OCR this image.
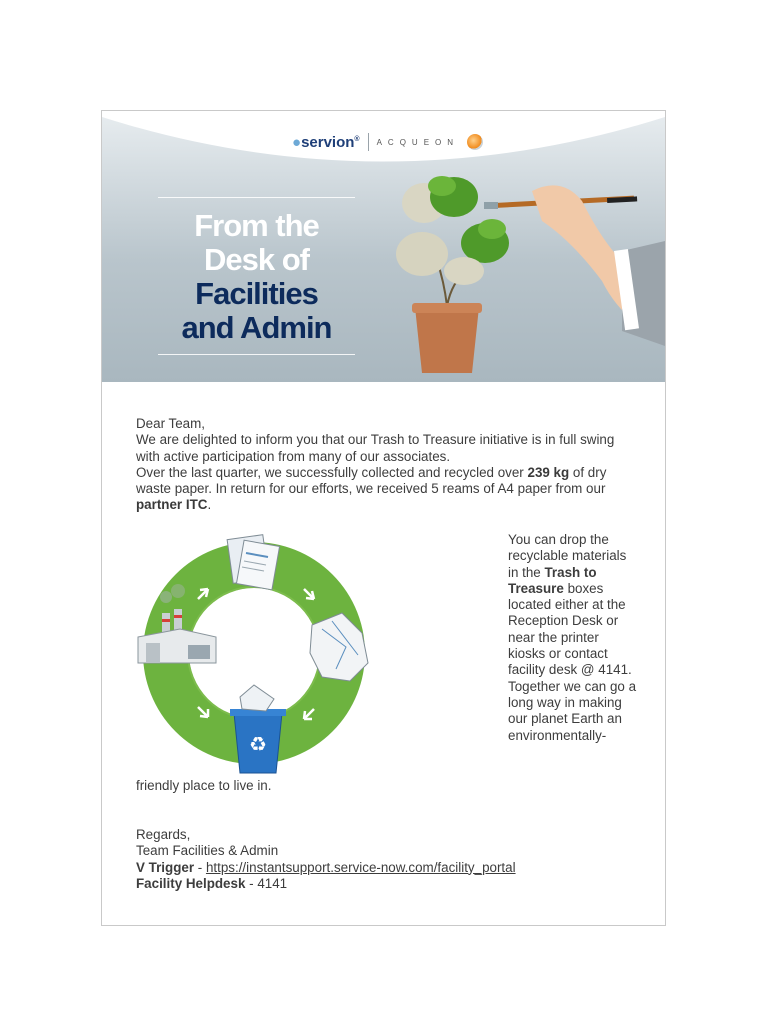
●servion® ACQUEON
From the
Desk of
Facilities
and Admin

Dear Team,

We are delighted to inform you that our Trash to Treasure initiative is in full swing with active participation from many of our associates.

Over the last quarter, we successfully collected and recycled over 239 kg of dry waste paper. In return for our efforts, we received 5 reams of A4 paper from our partner ITC.

♻

You can drop the recyclable materials in the Trash to Treasure boxes located either at the Reception Desk or near the printer kiosks or contact facility desk @ 4141.

Together we can go a long way in making our planet Earth an environmentally-

friendly place to live in.

Regards,

Team Facilities & Admin

V Trigger - https://instantsupport.service-now.com/facility_portal

Facility Helpdesk - 4141
